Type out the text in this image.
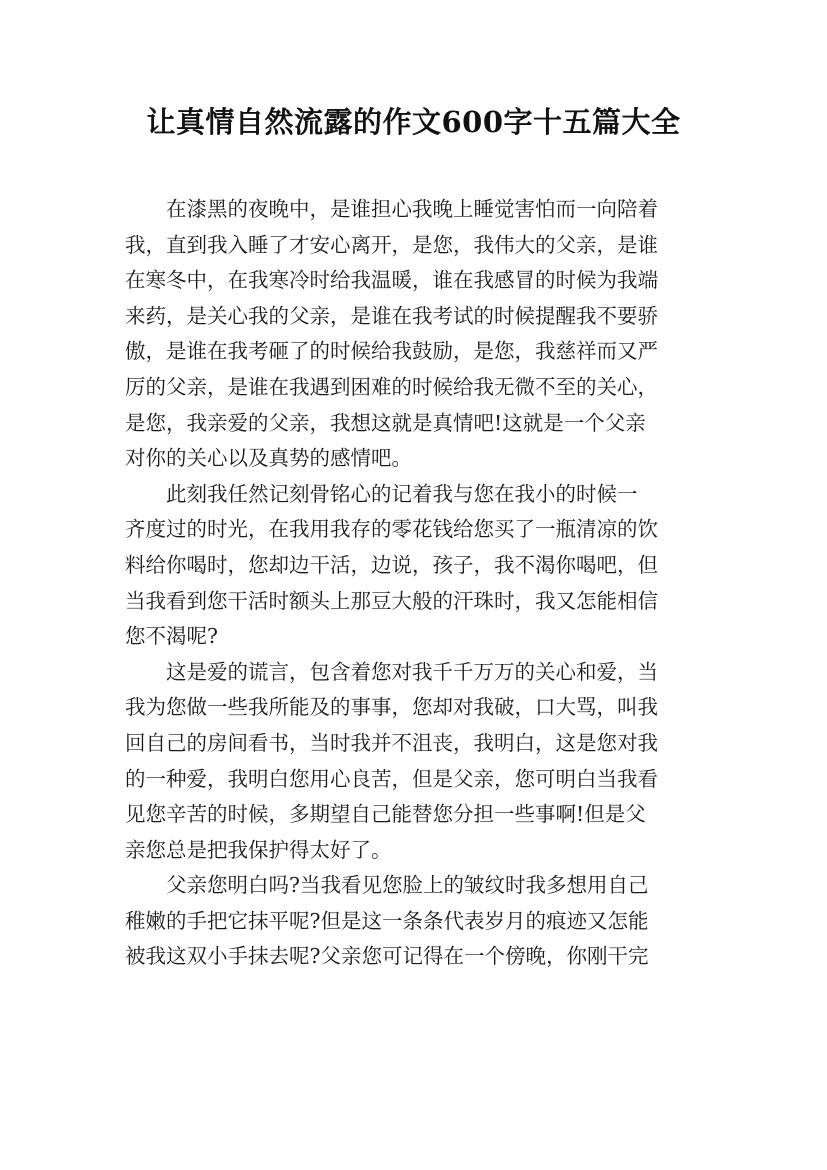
让真情自然流露的作文600字十五篇大全

在漆黑的夜晚中，是谁担心我晚上睡觉害怕而一向陪着
我，直到我入睡了才安心离开，是您，我伟大的父亲，是谁
在寒冬中，在我寒冷时给我温暖，谁在我感冒的时候为我端
来药，是关心我的父亲，是谁在我考试的时候提醒我不要骄
傲，是谁在我考砸了的时候给我鼓励，是您，我慈祥而又严
厉的父亲，是谁在我遇到困难的时候给我无微不至的关心，
是您，我亲爱的父亲，我想这就是真情吧!这就是一个父亲
对你的关心以及真势的感情吧。

此刻我任然记刻骨铭心的记着我与您在我小的时候一
齐度过的时光，在我用我存的零花钱给您买了一瓶清凉的饮
料给你喝时，您却边干活，边说，孩子，我不渴你喝吧，但
当我看到您干活时额头上那豆大般的汗珠时，我又怎能相信
您不渴呢?

这是爱的谎言，包含着您对我千千万万的关心和爱，当
我为您做一些我所能及的事事，您却对我破，口大骂，叫我
回自己的房间看书，当时我并不沮丧，我明白，这是您对我
的一种爱，我明白您用心良苦，但是父亲，您可明白当我看
见您辛苦的时候，多期望自己能替您分担一些事啊!但是父
亲您总是把我保护得太好了。

父亲您明白吗?当我看见您脸上的皱纹时我多想用自己
稚嫩的手把它抹平呢?但是这一条条代表岁月的痕迹又怎能
被我这双小手抹去呢?父亲您可记得在一个傍晚，你刚干完
